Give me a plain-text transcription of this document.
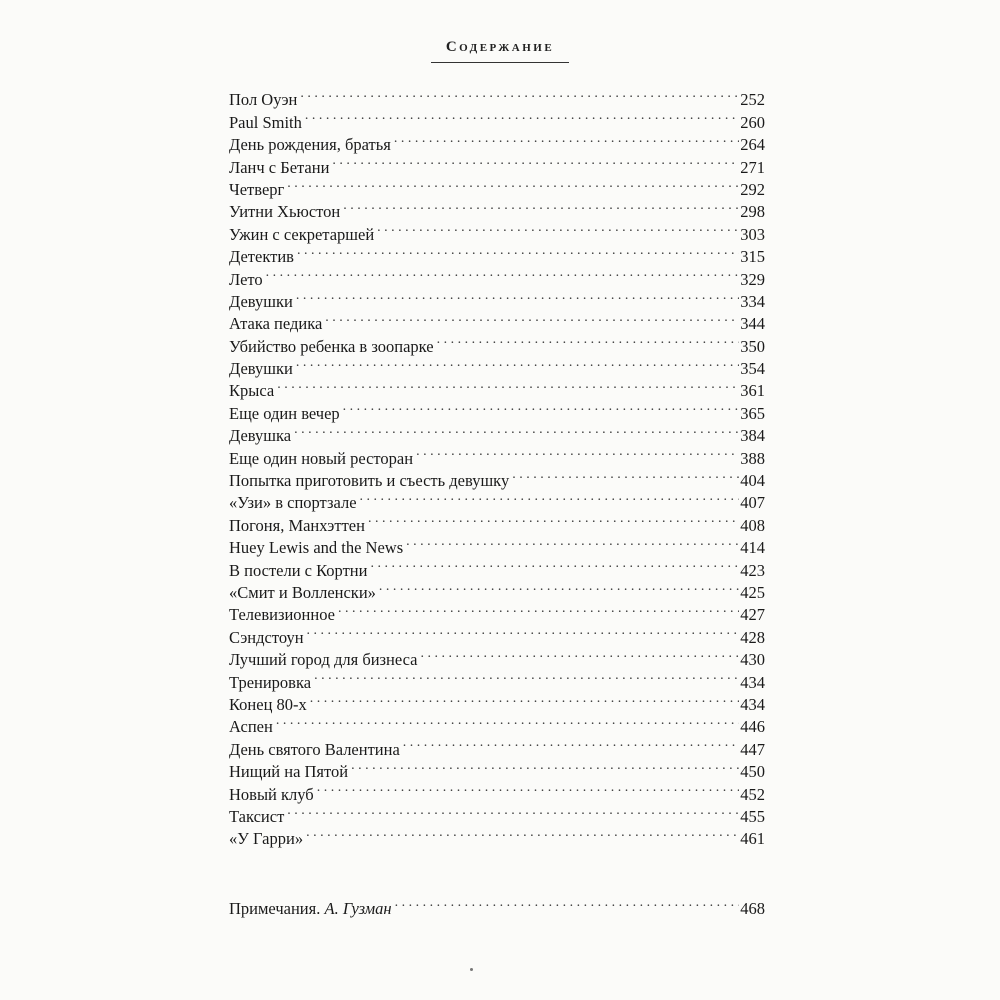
Содержание
Пол Оуэн . . .	252
Paul Smith . . .	260
День рождения, братья . . .	264
Ланч с Бетани . . .	271
Четверг . . .	292
Уитни Хьюстон . . .	298
Ужин с секретаршей . . .	303
Детектив . . .	315
Лето . . .	329
Девушки . . .	334
Атака педика . . .	344
Убийство ребенка в зоопарке . . .	350
Девушки . . .	354
Крыса . . .	361
Еще один вечер . . .	365
Девушка . . .	384
Еще один новый ресторан . . .	388
Попытка приготовить и съесть девушку . . .	404
«Узи» в спортзале . . .	407
Погоня, Манхэттен . . .	408
Huey Lewis and the News . . .	414
В постели с Кортни . . .	423
«Смит и Волленски» . . .	425
Телевизионное . . .	427
Сэндстоун . . .	428
Лучший город для бизнеса . . .	430
Тренировка . . .	434
Конец 80-х . . .	434
Аспен . . .	446
День святого Валентина . . .	447
Нищий на Пятой . . .	450
Новый клуб . . .	452
Таксист . . .	455
«У Гарри» . . .	461
Примечания. А. Гузман . . .	468
